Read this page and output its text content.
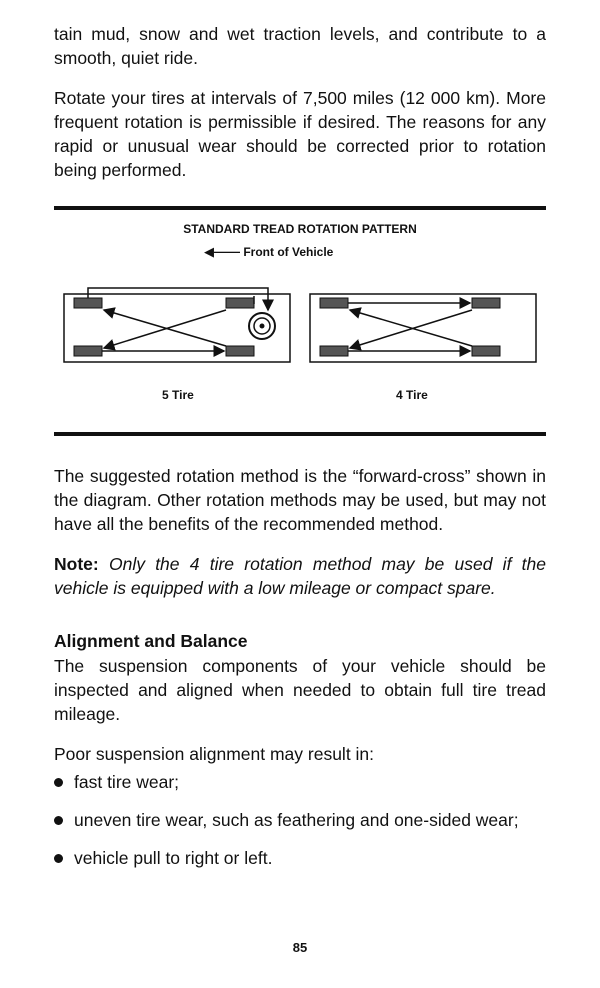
tain mud, snow and wet traction levels, and contribute to a smooth, quiet ride.

Rotate your tires at intervals of 7,500 miles (12 000 km). More frequent rotation is permissible if desired. The reasons for any rapid or unusual wear should be corrected prior to rotation being performed.

STANDARD TREAD ROTATION PATTERN
◀—— Front of Vehicle
5 Tire	4 Tire

The suggested rotation method is the “forward-cross” shown in the diagram. Other rotation methods may be used, but may not have all the benefits of the recommended method.

Note: Only the 4 tire rotation method may be used if the vehicle is equipped with a low mileage or compact spare.

Alignment and Balance

The suspension components of your vehicle should be inspected and aligned when needed to obtain full tire tread mileage.

Poor suspension alignment may result in:

fast tire wear;
uneven tire wear, such as feathering and one-sided wear;
vehicle pull to right or left.
85
